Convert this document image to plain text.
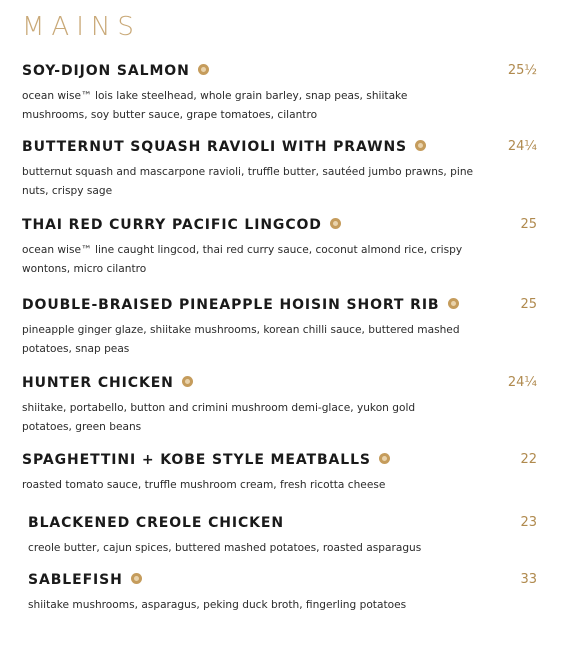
MAINS
SOY-DIJON SALMON	25½
ocean wise™ lois lake steelhead, whole grain barley, snap peas, shiitake mushrooms, soy butter sauce, grape tomatoes, cilantro
BUTTERNUT SQUASH RAVIOLI WITH PRAWNS	24¼
butternut squash and mascarpone ravioli, truffle butter, sautéed jumbo prawns, pine nuts, crispy sage
THAI RED CURRY PACIFIC LINGCOD	25
ocean wise™ line caught lingcod, thai red curry sauce, coconut almond rice, crispy wontons, micro cilantro
DOUBLE-BRAISED PINEAPPLE HOISIN SHORT RIB	25
pineapple ginger glaze, shiitake mushrooms, korean chilli sauce, buttered mashed potatoes, snap peas
HUNTER CHICKEN	24¼
shiitake, portabello, button and crimini mushroom demi-glace, yukon gold potatoes, green beans
SPAGHETTINI + KOBE STYLE MEATBALLS	22
roasted tomato sauce, truffle mushroom cream, fresh ricotta cheese
BLACKENED CREOLE CHICKEN	23
creole butter, cajun spices, buttered mashed potatoes, roasted asparagus
SABLEFISH	33
shiitake mushrooms, asparagus, peking duck broth, fingerling potatoes
